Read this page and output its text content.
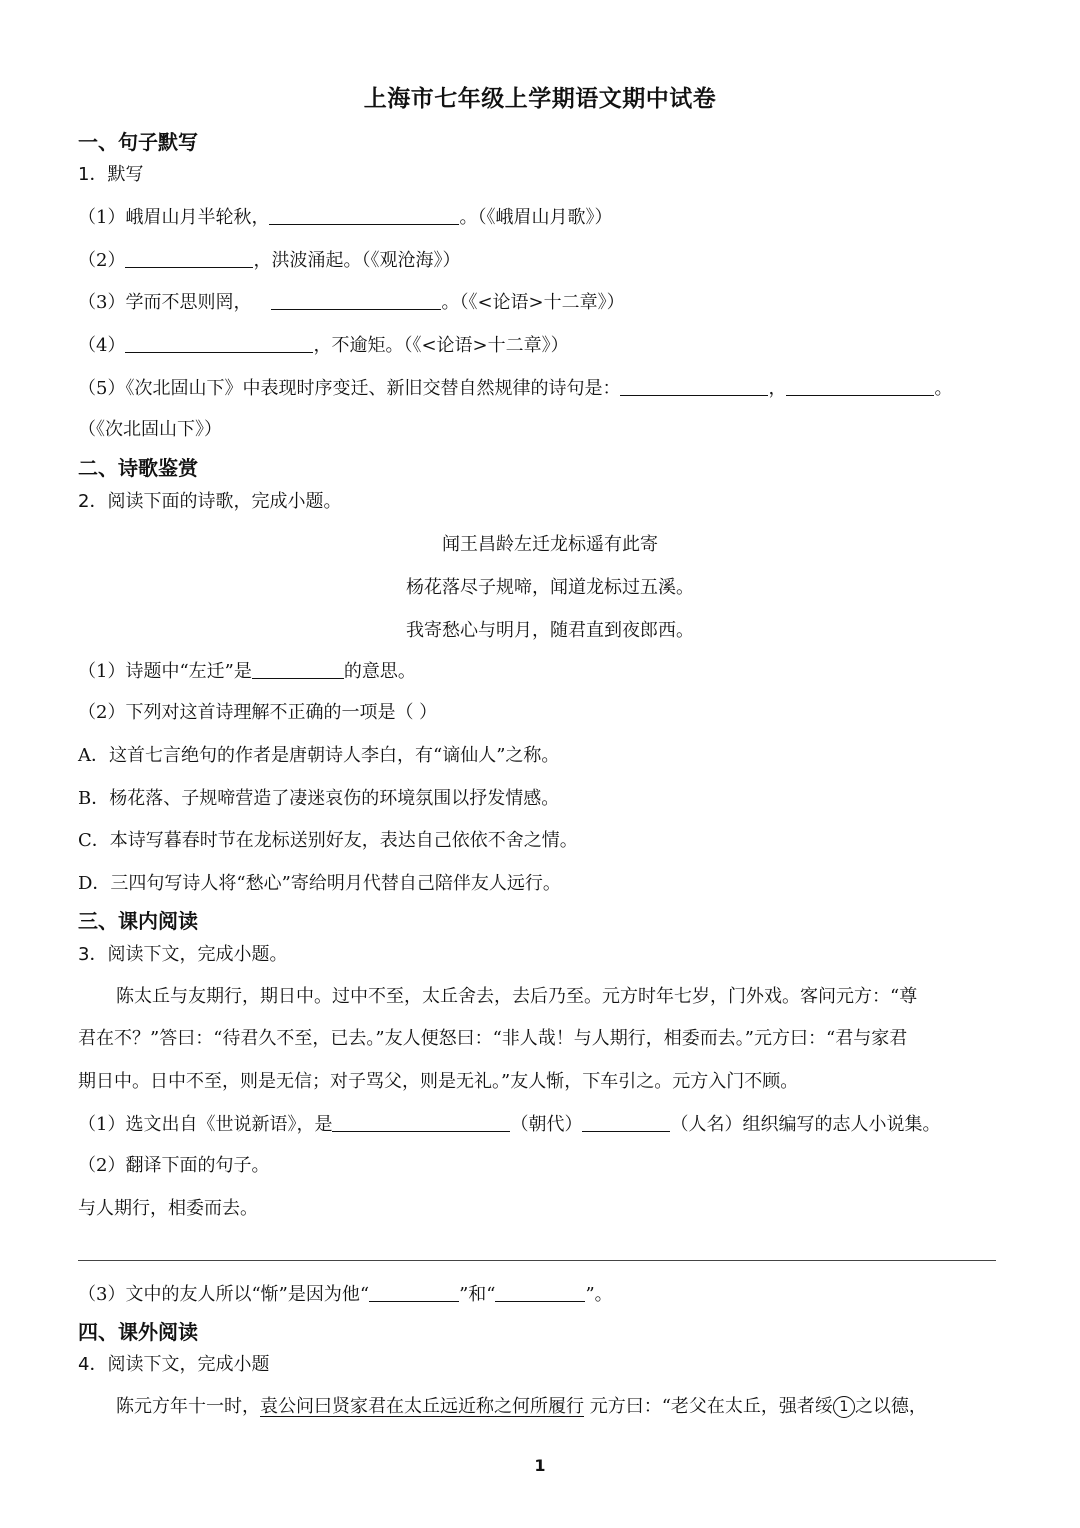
上海市七年级上学期语文期中试卷
一、句子默写
1．默写
（1）峨眉山月半轮秋，	。（《峨眉山月歌》）
（2）	，洪波涌起。（《观沧海》）
（3）学而不思则罔，	。（《<论语>十二章》）
（4）	，不逾矩。（《<论语>十二章》）
（5）《次北固山下》中表现时序变迁、新旧交替自然规律的诗句是：	，	。
（《次北固山下》）
二、诗歌鉴赏
2．阅读下面的诗歌，完成小题。
闻王昌龄左迁龙标遥有此寄
杨花落尽子规啼，闻道龙标过五溪。
我寄愁心与明月，随君直到夜郎西。
（1）诗题中“左迁”是	的意思。
（2）下列对这首诗理解不正确的一项是（ ）
A．这首七言绝句的作者是唐朝诗人李白，有“谪仙人”之称。
B．杨花落、子规啼营造了凄迷哀伤的环境氛围以抒发情感。
C．本诗写暮春时节在龙标送别好友，表达自己依依不舍之情。
D．三四句写诗人将“愁心”寄给明月代替自己陪伴友人远行。
三、课内阅读
3．阅读下文，完成小题。
陈太丘与友期行，期日中。过中不至，太丘舍去，去后乃至。元方时年七岁，门外戏。客问元方：“尊
君在不？”答曰：“待君久不至，已去。”友人便怒曰：“非人哉！与人期行，相委而去。”元方曰：“君与家君
期日中。日中不至，则是无信；对子骂父，则是无礼。”友人惭，下车引之。元方入门不顾。
（1）选文出自《世说新语》，是	（朝代）	（人名）组织编写的志人小说集。
（2）翻译下面的句子。
与人期行，相委而去。
（3）文中的友人所以“惭”是因为他“	”和“	”。
四、课外阅读
4．阅读下文，完成小题
陈元方年十一时，袁公问曰贤家君在太丘远近称之何所履行 元方曰：“老父在太丘，强者绥 1 之以德，
1
